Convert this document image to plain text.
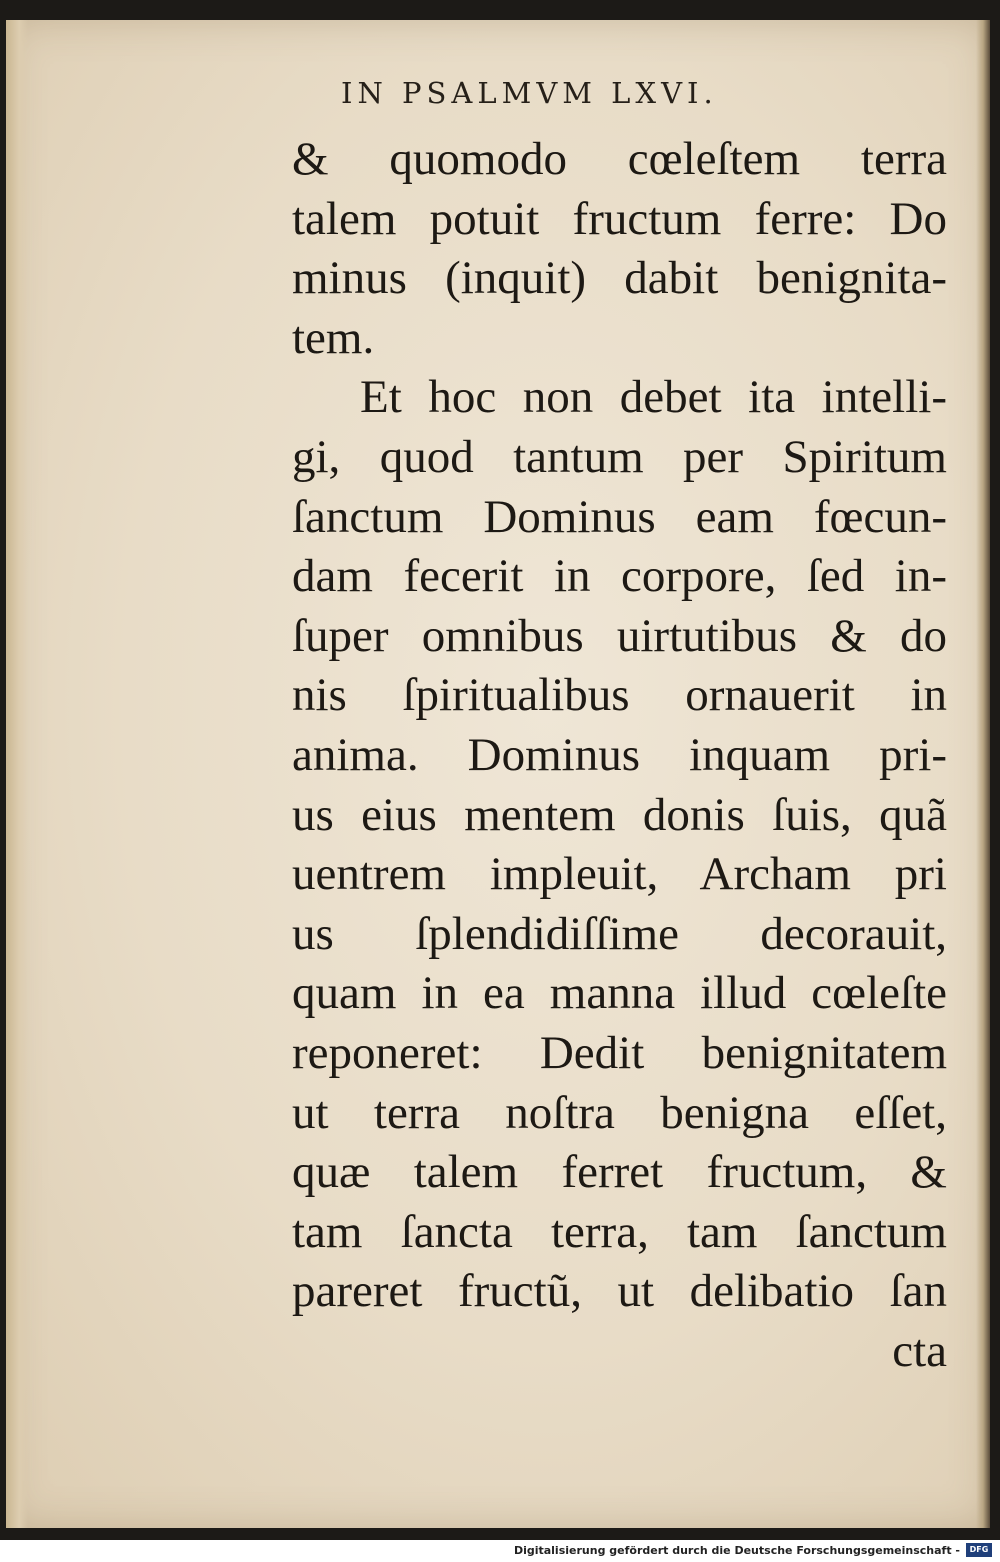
IN PSALMVM LXVI.
& quomodo cœleſtem terra
talem potuit fructum ferre: Do
minus (inquit) dabit benignita-
tem.
Et hoc non debet ita intelli-
gi, quod tantum per Spiritum
ſanctum Dominus eam fœcun-
dam fecerit in corpore, ſed in-
ſuper omnibus uirtutibus & do
nis ſpiritualibus ornauerit in
anima. Dominus inquam pri-
us eius mentem donis ſuis, quã
uentrem impleuit, Archam pri
us ſplendidiſſime decorauit,
quam in ea manna illud cœleſte
reponeret: Dedit benignitatem
ut terra noſtra benigna eſſet,
quæ talem ferret fructum, &
tam ſancta terra, tam ſanctum
pareret fructũ, ut delibatio ſan
cta
Digitalisierung gefördert durch die Deutsche Forschungsgemeinschaft -	DFG
